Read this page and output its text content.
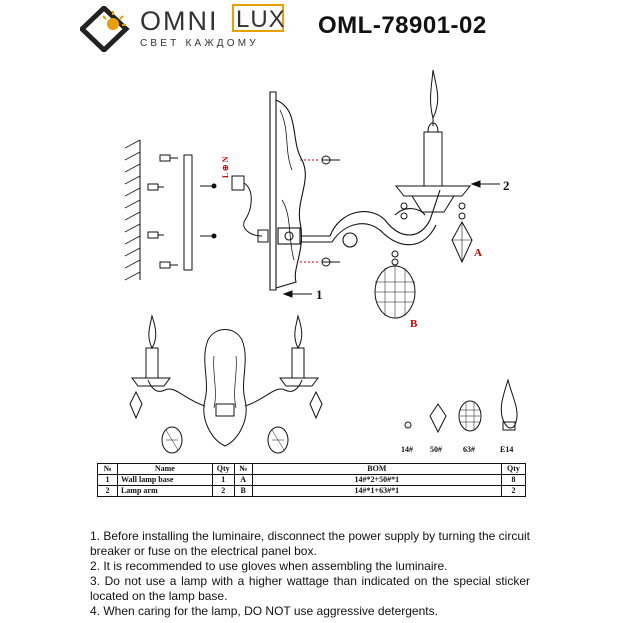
OMNI LUX
СВЕТ КАЖДОМУ
OML-78901-02
L ⊕ N
1
2
A
B
14# 50#	63#	E14
№	Name	Qty	№	BOM	Qty
1	Wall lamp base	1	A	14#*2+50#*1	8
2	Lamp arm	2	B	14#*1+63#*1	2

1. Before installing the luminaire, disconnect the power supply by turning the circuit breaker or fuse on the electrical panel box.

2. It is recommended to use gloves when assembling the luminaire.

3. Do not use a lamp with a higher wattage than indicated on the special sticker located on the lamp base.

4. When caring for the lamp, DO NOT use aggressive detergents.
